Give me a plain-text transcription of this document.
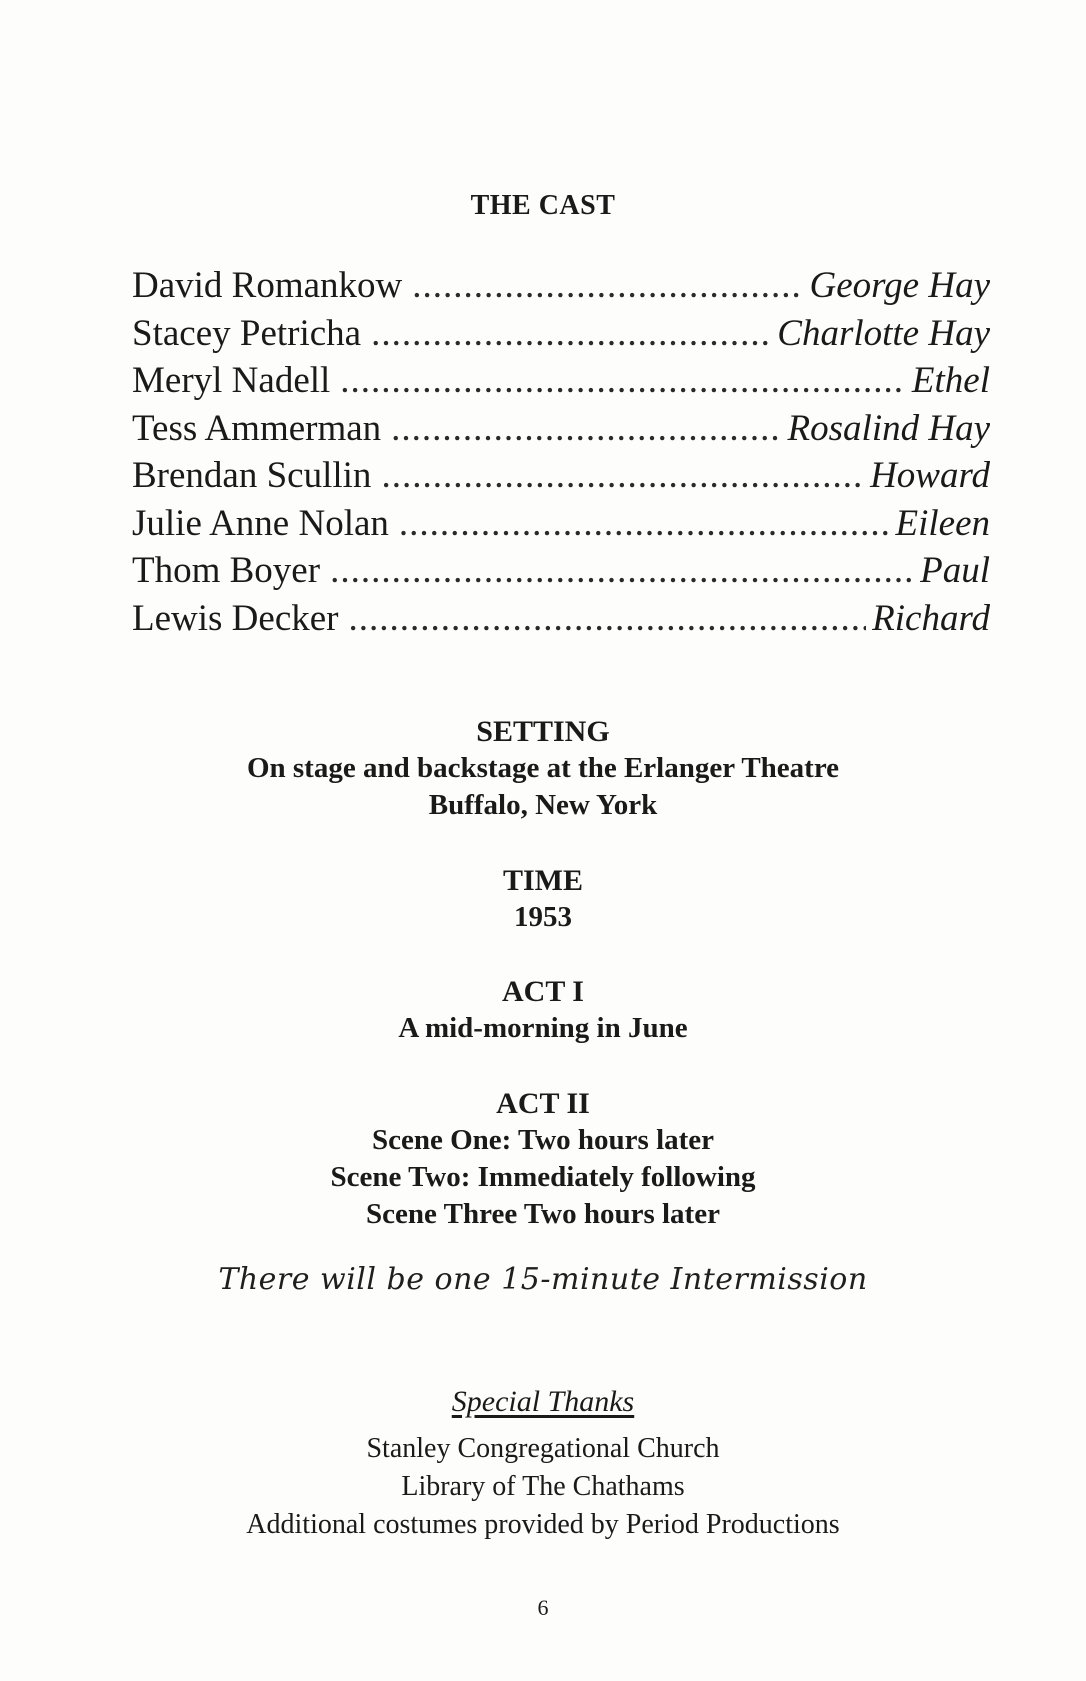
THE CAST
David Romankow .....	George Hay
Stacey Petricha .....	Charlotte Hay
Meryl Nadell .....	Ethel
Tess Ammerman .....	Rosalind Hay
Brendan Scullin .....	Howard
Julie Anne Nolan .....	Eileen
Thom Boyer .....	Paul
Lewis Decker .....	Richard
SETTING
On stage and backstage at the Erlanger Theatre
Buffalo, New York
TIME
1953
ACT I
A mid-morning in June
ACT II
Scene One: Two hours later
Scene Two: Immediately following
Scene Three Two hours later
There will be one 15-minute Intermission
Special Thanks
Stanley Congregational Church
Library of The Chathams
Additional costumes provided by Period Productions
6
